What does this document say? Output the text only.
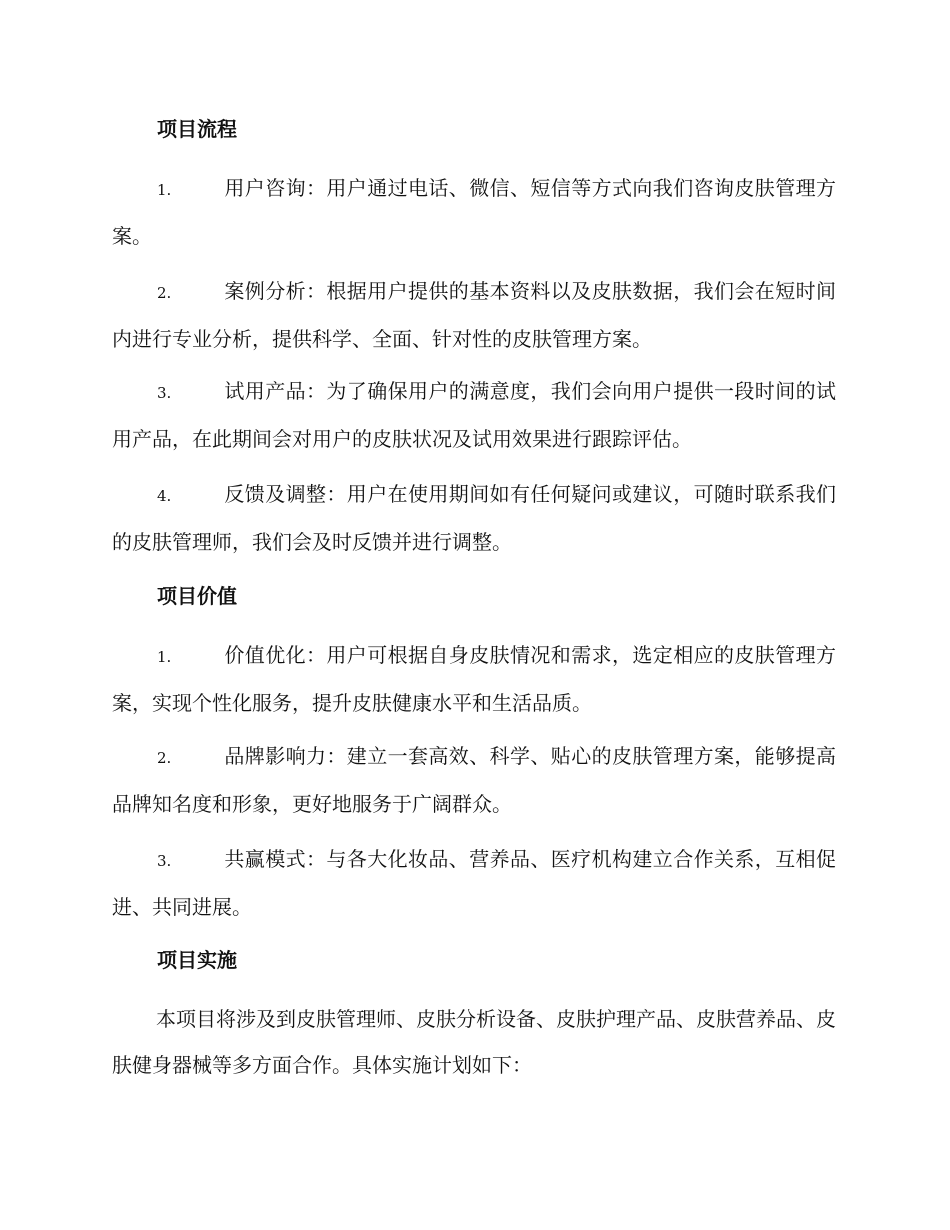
项目流程

1.	用户咨询：用户通过电话、微信、短信等方式向我们咨询皮肤管理方案。

2.	案例分析：根据用户提供的基本资料以及皮肤数据，我们会在短时间内进行专业分析，提供科学、全面、针对性的皮肤管理方案。

3.	试用产品：为了确保用户的满意度，我们会向用户提供一段时间的试用产品，在此期间会对用户的皮肤状况及试用效果进行跟踪评估。

4.	反馈及调整：用户在使用期间如有任何疑问或建议，可随时联系我们的皮肤管理师，我们会及时反馈并进行调整。

项目价值

1.	价值优化：用户可根据自身皮肤情况和需求，选定相应的皮肤管理方案，实现个性化服务，提升皮肤健康水平和生活品质。

2.	品牌影响力：建立一套高效、科学、贴心的皮肤管理方案，能够提高品牌知名度和形象，更好地服务于广阔群众。

3.	共赢模式：与各大化妆品、营养品、医疗机构建立合作关系，互相促进、共同进展。

项目实施

本项目将涉及到皮肤管理师、皮肤分析设备、皮肤护理产品、皮肤营养品、皮肤健身器械等多方面合作。具体实施计划如下：
